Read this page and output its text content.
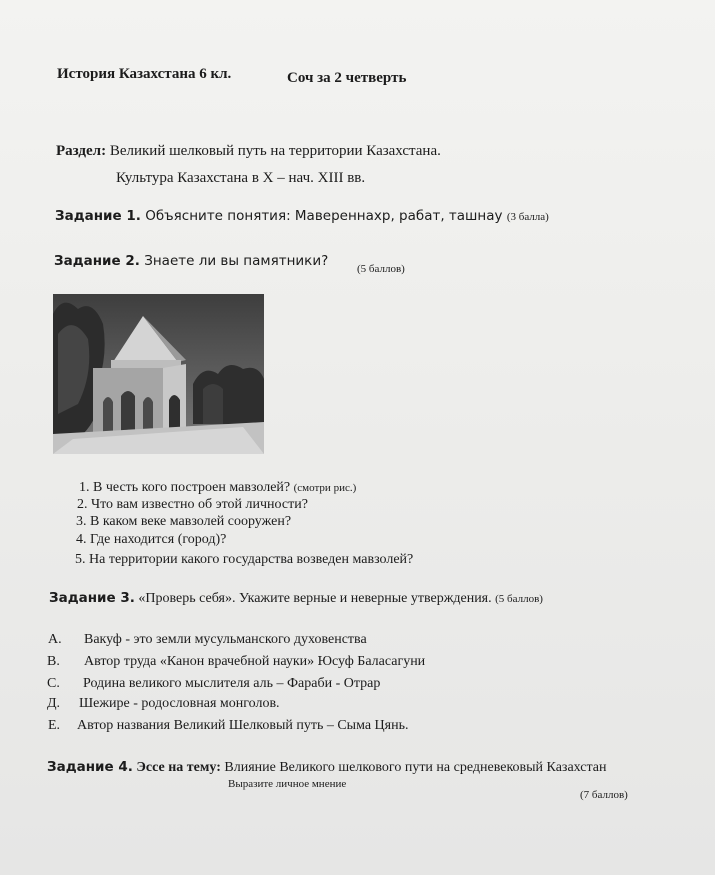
История Казахстана 6 кл.	Соч за 2 четверть
Раздел: Великий шелковый путь на территории Казахстана.
Культура Казахстана в X – нач. XIII вв.
Задание 1. Объясните понятия: Мавереннахр, рабат, ташнау (3 балла)
Задание 2. Знаете ли вы памятники?	(5 баллов)
1. В честь кого построен мавзолей? (смотри рис.)
2. Что вам известно об этой личности?
3. В каком веке мавзолей сооружен?
4. Где находится (город)?
5. На территории какого государства возведен мавзолей?
Задание 3. «Проверь себя». Укажите верные и неверные утверждения. (5 баллов)
А. Вакуф - это земли мусульманского духовенства
В. Автор труда «Канон врачебной науки» Юсуф Баласагуни
С. Родина великого мыслителя аль – Фараби - Отрар
Д. Шежире - родословная монголов.
Е. Автор названия Великий Шелковый путь – Сыма Цянь.
Задание 4. Эссе на тему: Влияние Великого шелкового пути на средневековый Казахстан
Выразите личное мнение
(7 баллов)
